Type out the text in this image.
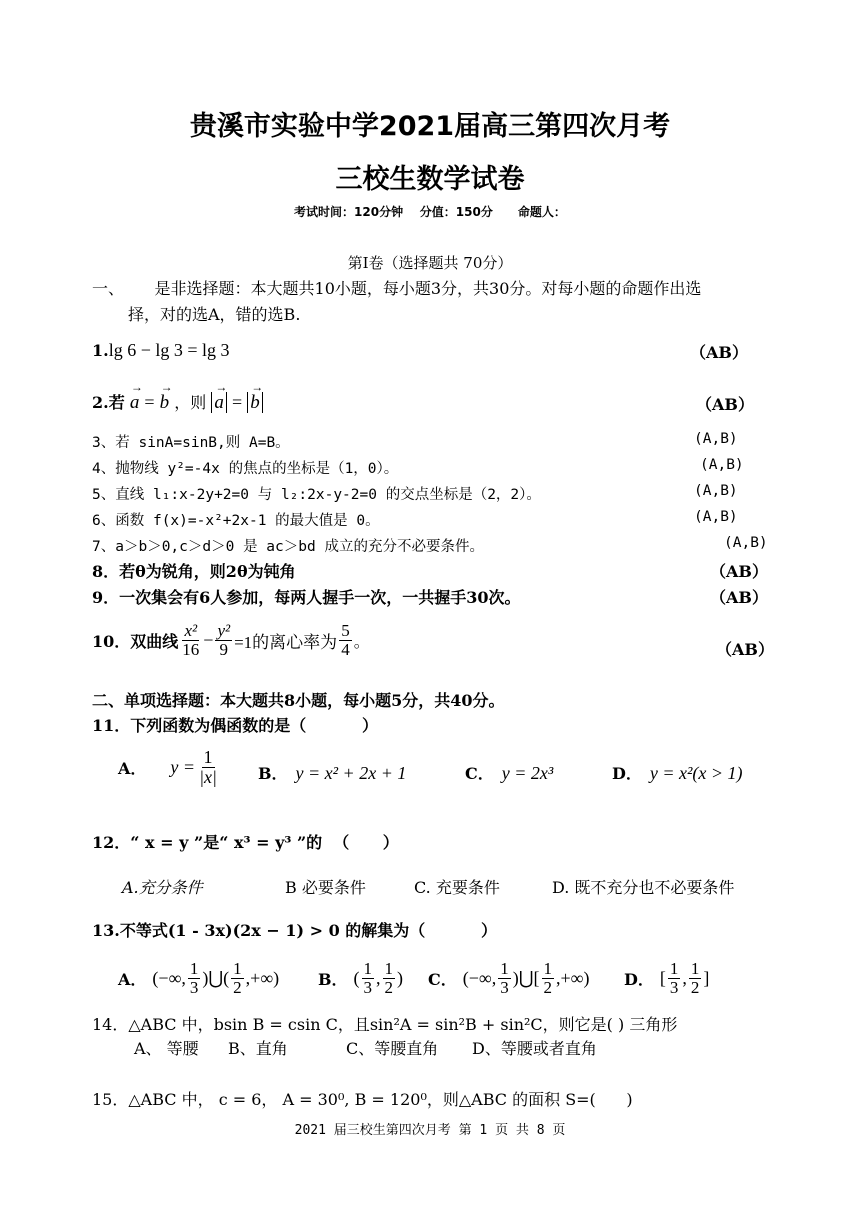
贵溪市实验中学2021届高三第四次月考
三校生数学试卷
考试时间：120分钟    分值：150分      命题人：
第Ⅰ卷（选择题共 70分）
一、      是非选择题：本大题共10小题，每小题3分，共30分。对每小题的命题作出选
择，对的选A，错的选B.
1.lg 6 − lg 3 = lg 3	（AB）
2.若
→
a =
→
b ，则
→
a =
→
b	（AB）
3、若 sinA=sinB,则 A=B。	(A,B)
4、抛物线 y²=-4x 的焦点的坐标是（1，0）。	(A,B)
5、直线 l₁:x-2y+2=0 与 l₂:2x-y-2=0 的交点坐标是（2，2）。	(A,B)
6、函数 f(x)=-x²+2x-1 的最大值是 0。	(A,B)
7、a＞b＞0,c＞d＞0 是 ac＞bd 成立的充分不必要条件。	(A,B)
8．若θ为锐角，则2θ为钝角	（AB）
9．一次集会有6人参加，每两人握手一次，一共握手30次。	（AB）
10．双曲线 $\frac{\text{x²}}{16} - \frac{\text{y²}}{9} =1$的离心率为 $\frac{5}{4}$ 。	（AB）
二、单项选择题：本大题共8小题，每小题5分，共40分。
11．下列函数为偶函数的是（          ）
A． $y = \frac{1}{|x|}$ B． y = x² + 2x + 1	C． y = 2x³	D． y = x²(x > 1)
12．“ x = y ”是“ x³ = y³ ”的  （      ）
A.充分条件	B 必要条件	C. 充要条件	D. 既不充分也不必要条件
13.不等式(1 - 3x)(2x − 1) > 0 的解集为（          ）
A． (−∞, $\frac{1}{3}$ )⋃( $\frac{1}{2}$ ,+∞) B． ( $\frac{1}{3}$ , $\frac{1}{2}$ ) C． (−∞, $\frac{1}{3}$ )⋃[ $\frac{1}{2}$ ,+∞) D． [ $\frac{1}{3}$ , $\frac{1}{2}$ ]
14．△ABC 中，bsin B = csin C，且sin²A = sin²B + sin²C，则它是( ) 三角形
A、 等腰 B、直角	C、等腰直角 D、等腰或者直角
15．△ABC 中， c = 6， A = 30⁰, B = 120⁰，则△ABC 的面积 S=(      )
2021 届三校生第四次月考 第 1 页 共 8 页
